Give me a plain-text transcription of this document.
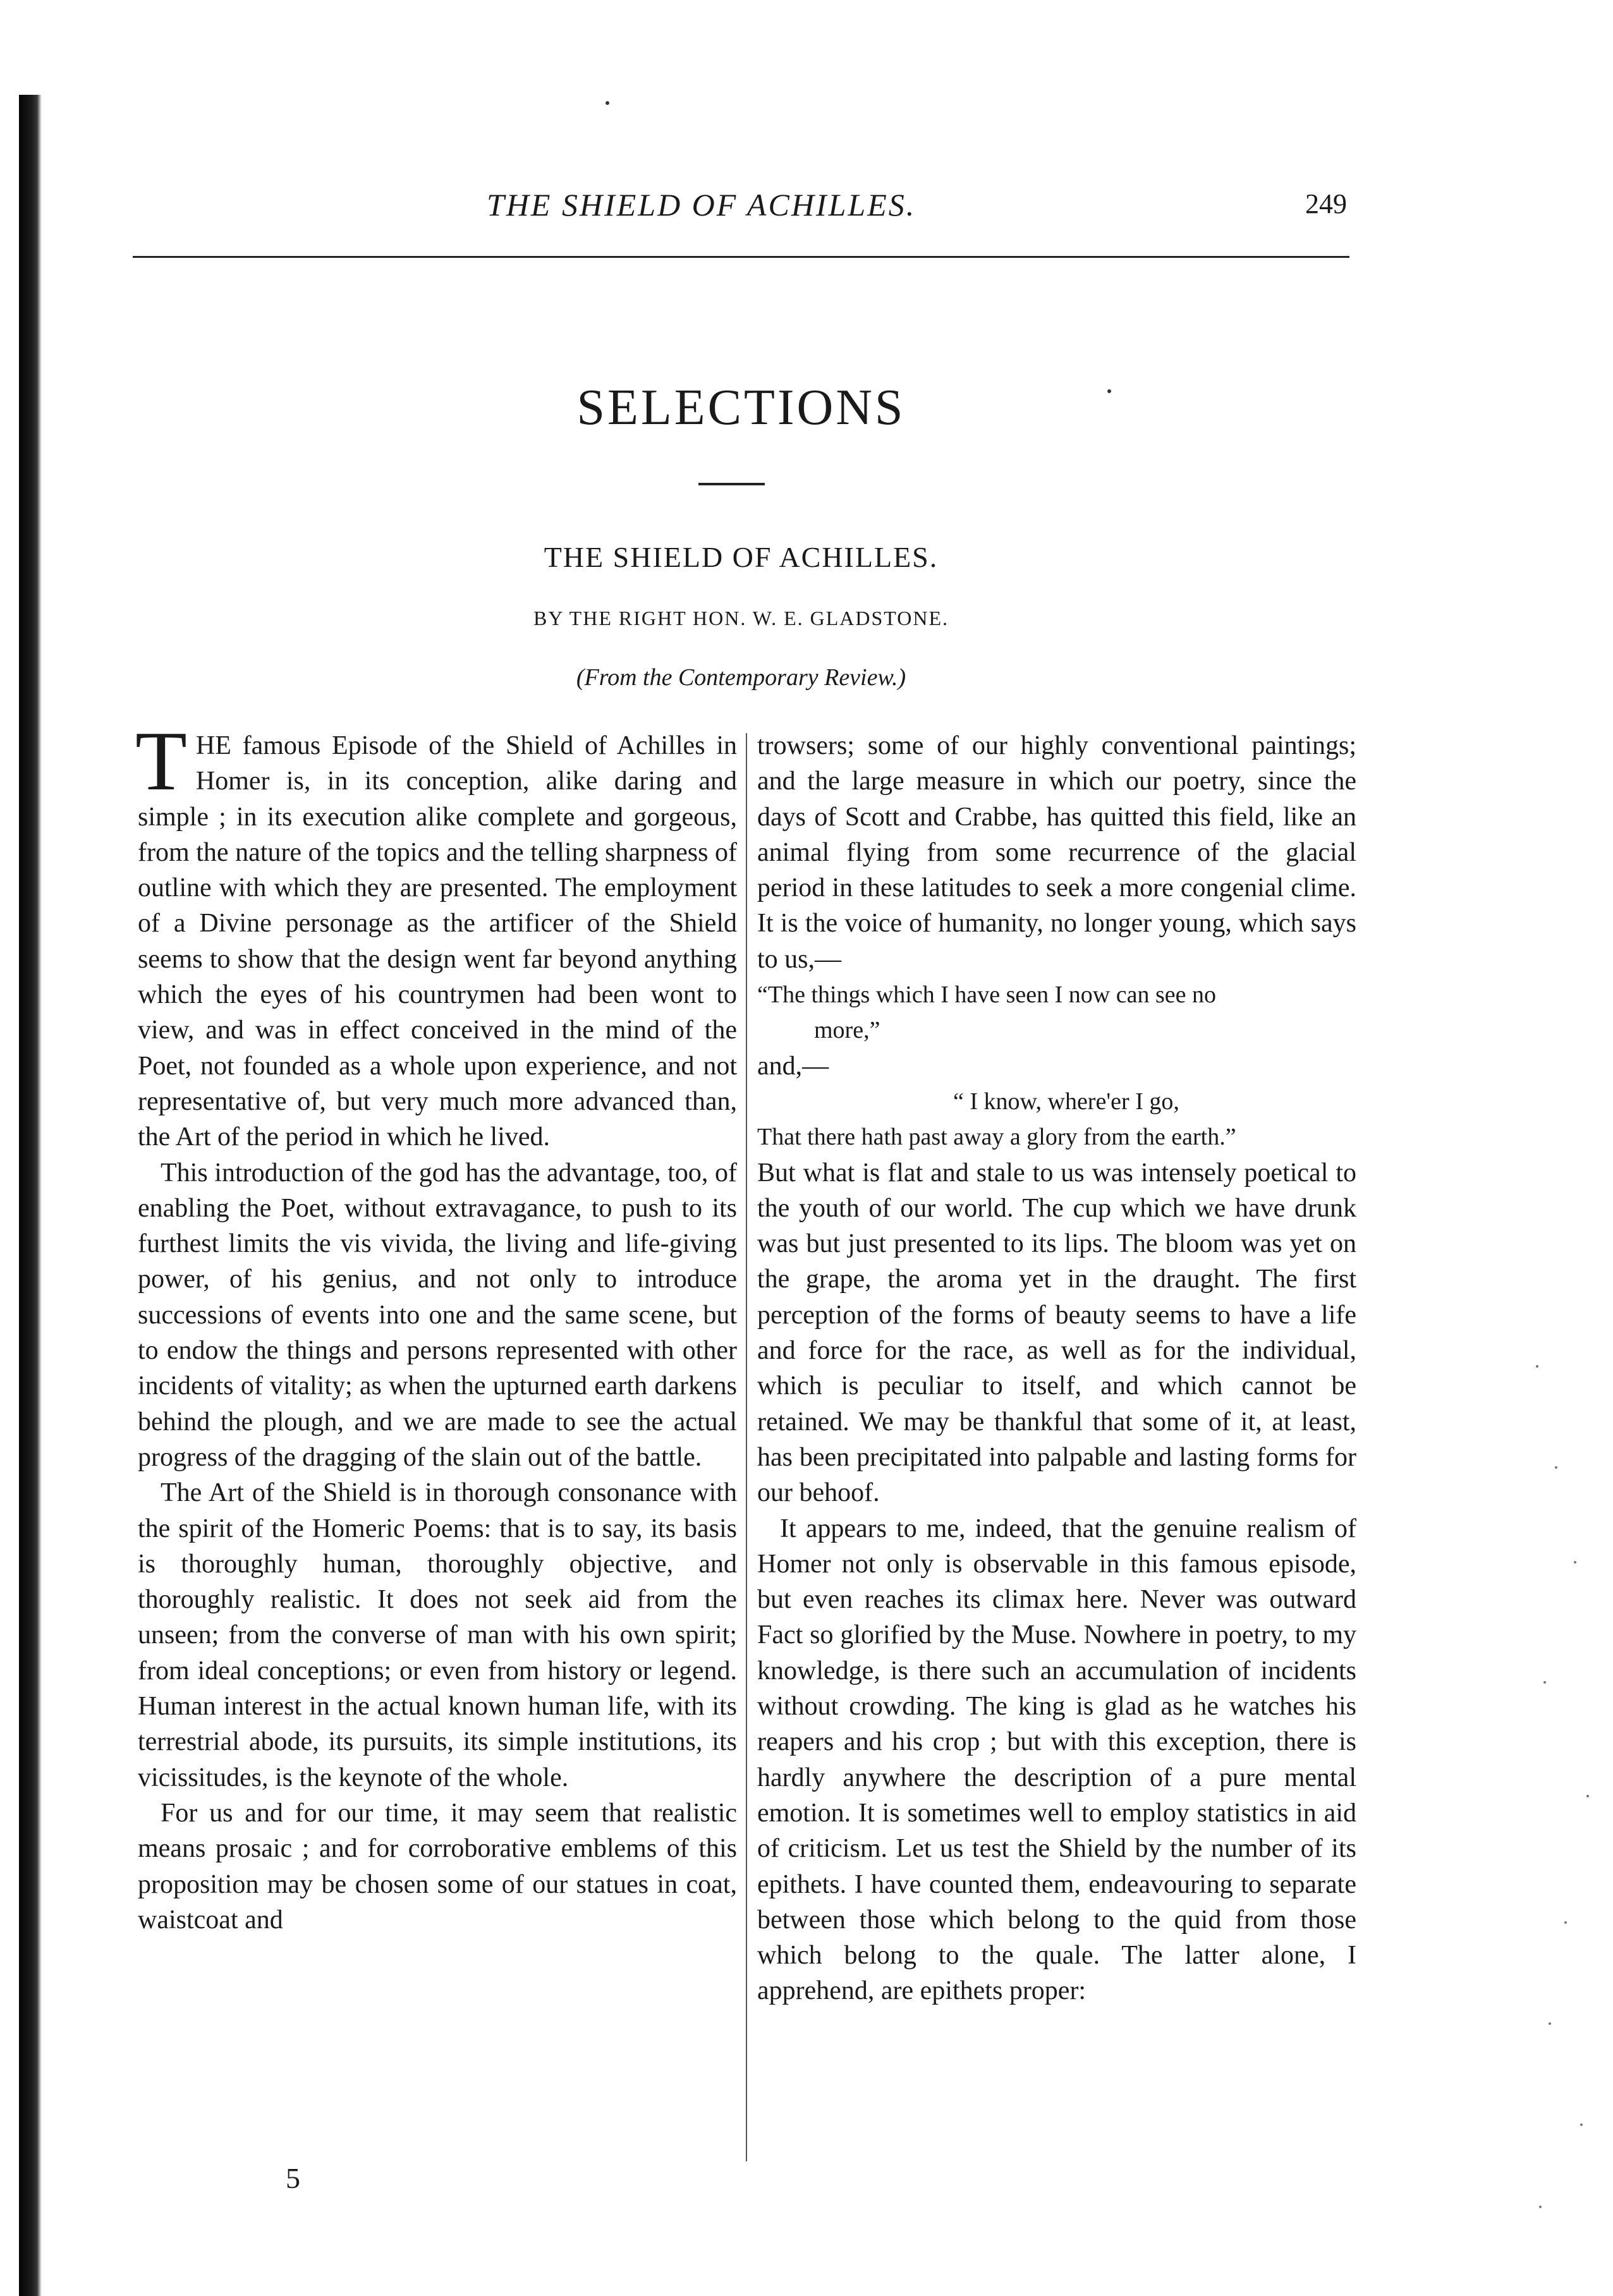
THE SHIELD OF ACHILLES.	249
SELECTIONS
THE SHIELD OF ACHILLES.
BY THE RIGHT HON. W. E. GLADSTONE.
(From the Contemporary Review.)

THE famous Episode of the Shield of Achilles in Homer is, in its conception, alike daring and simple ; in its execution alike complete and gorgeous, from the nature of the topics and the telling sharpness of outline with which they are presented. The employment of a Divine personage as the artificer of the Shield seems to show that the design went far beyond anything which the eyes of his countrymen had been wont to view, and was in effect conceived in the mind of the Poet, not founded as a whole upon experience, and not representative of, but very much more advanced than, the Art of the period in which he lived.

This introduction of the god has the advantage, too, of enabling the Poet, without extravagance, to push to its furthest limits the vis vivida, the living and life-giving power, of his genius, and not only to introduce successions of events into one and the same scene, but to endow the things and persons represented with other incidents of vitality; as when the upturned earth darkens behind the plough, and we are made to see the actual progress of the dragging of the slain out of the battle.

The Art of the Shield is in thorough consonance with the spirit of the Homeric Poems: that is to say, its basis is thoroughly human, thoroughly objective, and thoroughly realistic. It does not seek aid from the unseen; from the converse of man with his own spirit; from ideal conceptions; or even from history or legend. Human interest in the actual known human life, with its terrestrial abode, its pursuits, its simple institutions, its vicissitudes, is the keynote of the whole.

For us and for our time, it may seem that realistic means prosaic ; and for corroborative emblems of this proposition may be chosen some of our statues in coat, waistcoat and

trowsers; some of our highly conventional paintings; and the large measure in which our poetry, since the days of Scott and Crabbe, has quitted this field, like an animal flying from some recurrence of the glacial period in these latitudes to seek a more congenial clime. It is the voice of humanity, no longer young, which says to us,—

“The things which I have seen I now can see no

more,”

and,—

“ I know, where'er I go,

That there hath past away a glory from the earth.”

But what is flat and stale to us was intensely poetical to the youth of our world. The cup which we have drunk was but just presented to its lips. The bloom was yet on the grape, the aroma yet in the draught. The first perception of the forms of beauty seems to have a life and force for the race, as well as for the individual, which is peculiar to itself, and which cannot be retained. We may be thankful that some of it, at least, has been precipitated into palpable and lasting forms for our behoof.

It appears to me, indeed, that the genuine realism of Homer not only is observable in this famous episode, but even reaches its climax here. Never was outward Fact so glorified by the Muse. Nowhere in poetry, to my knowledge, is there such an accumulation of incidents without crowding. The king is glad as he watches his reapers and his crop ; but with this exception, there is hardly anywhere the description of a pure mental emotion. It is sometimes well to employ statistics in aid of criticism. Let us test the Shield by the number of its epithets. I have counted them, endeavouring to separate between those which belong to the quid from those which belong to the quale. The latter alone, I apprehend, are epithets proper:

5
